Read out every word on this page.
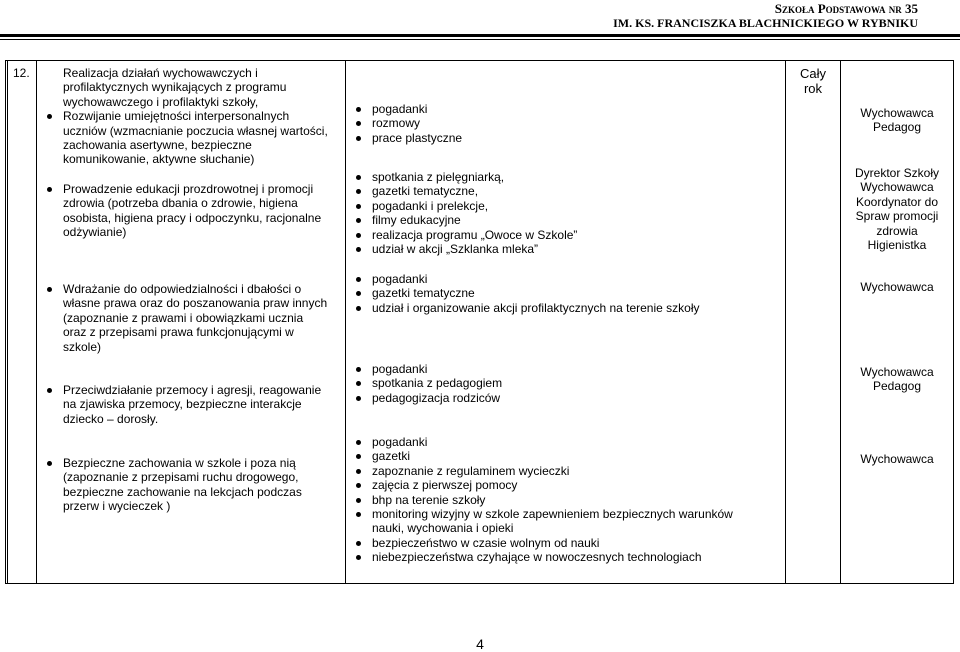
Szkoła Podstawowa nr 35
IM. KS. FRANCISZKA BLACHNICKIEGO W RYBNIKU
12.	Realizacja działań wychowawczych i
profilaktycznych wynikających z programu
wychowawczego i profilaktyki szkoły,
Rozwijanie umiejętności interpersonalnych
uczniów (wzmacnianie poczucia własnej wartości,
zachowania asertywne, bezpieczne
komunikowanie, aktywne słuchanie)
Prowadzenie edukacji prozdrowotnej i promocji
zdrowia (potrzeba dbania o zdrowie, higiena
osobista, higiena pracy i odpoczynku, racjonalne
odżywianie)
Wdrażanie do odpowiedzialności i dbałości o
własne prawa oraz do poszanowania praw innych
(zapoznanie z prawami i obowiązkami ucznia
oraz z przepisami prawa funkcjonującymi w
szkole)
Przeciwdziałanie przemocy i agresji, reagowanie
na zjawiska przemocy, bezpieczne interakcje
dziecko – dorosły.
Bezpieczne zachowania w szkole i poza nią
(zapoznanie z przepisami ruchu drogowego,
bezpieczne zachowanie na lekcjach podczas
przerw i wycieczek )
pogadanki
rozmowy
prace plastyczne
spotkania z pielęgniarką,
gazetki tematyczne,
pogadanki i prelekcje,
filmy edukacyjne
realizacja programu „Owoce w Szkole”
udział w akcji „Szklanka mleka”
pogadanki
gazetki tematyczne
udział i organizowanie akcji profilaktycznych na terenie szkoły
pogadanki
spotkania z pedagogiem
pedagogizacja rodziców
pogadanki
gazetki
zapoznanie z regulaminem wycieczki
zajęcia z pierwszej pomocy
bhp na terenie szkoły
monitoring wizyjny w szkole zapewnieniem bezpiecznych warunków
nauki, wychowania i opieki
bezpieczeństwo w czasie wolnym od nauki
niebezpieczeństwa czyhające w nowoczesnych technologiach
Cały
rok
Wychowawca
Pedagog
Dyrektor Szkoły
Wychowawca
Koordynator do
Spraw promocji
zdrowia
Higienistka
Wychowawca
Wychowawca
Pedagog
Wychowawca
4
